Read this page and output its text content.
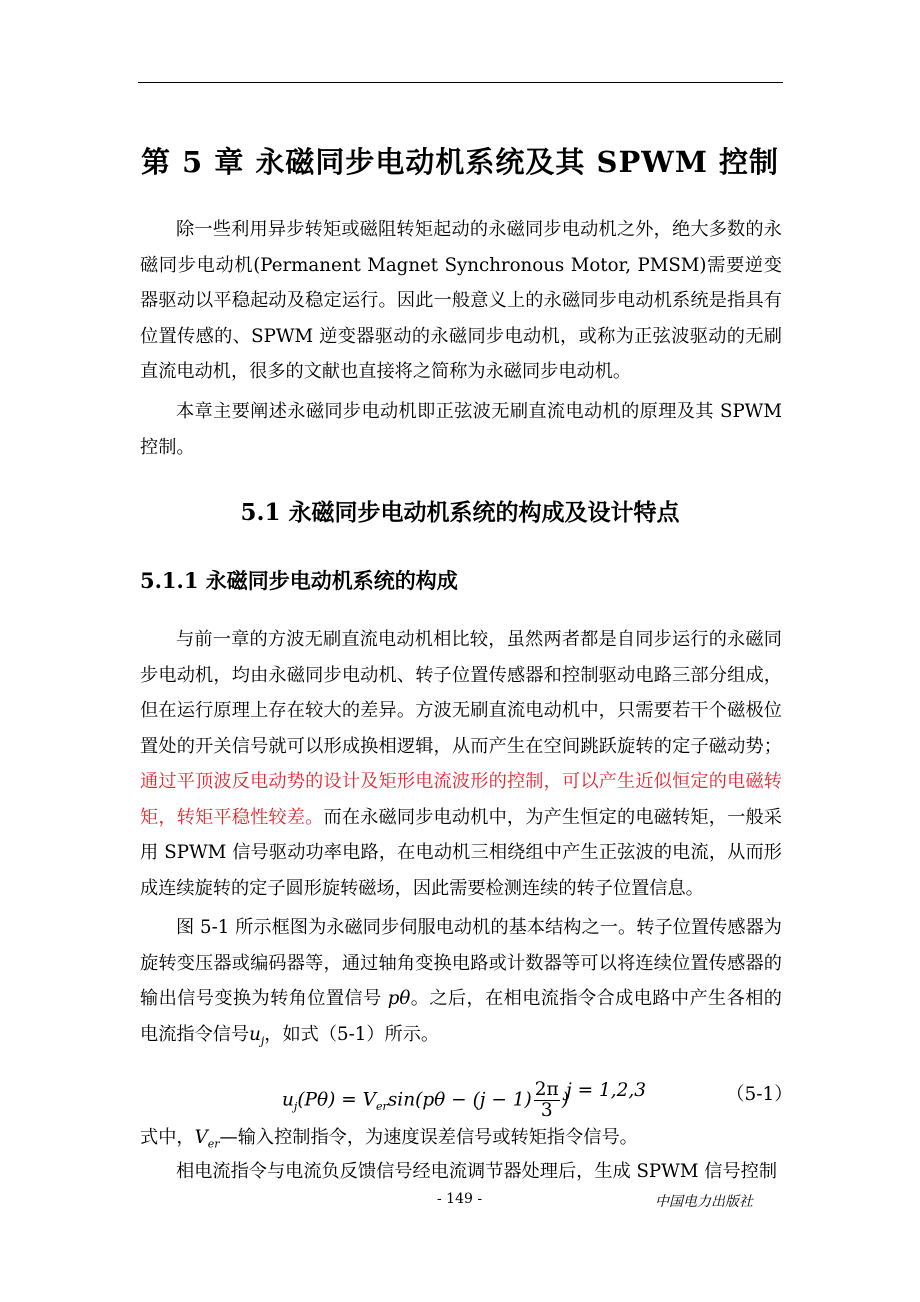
第 5 章 永磁同步电动机系统及其 SPWM 控制

除一些利用异步转矩或磁阻转矩起动的永磁同步电动机之外，绝大多数的永磁同步电动机(Permanent Magnet Synchronous Motor, PMSM)需要逆变器驱动以平稳起动及稳定运行。因此一般意义上的永磁同步电动机系统是指具有位置传感的、SPWM 逆变器驱动的永磁同步电动机，或称为正弦波驱动的无刷直流电动机，很多的文献也直接将之简称为永磁同步电动机。

本章主要阐述永磁同步电动机即正弦波无刷直流电动机的原理及其 SPWM 控制。

5.1 永磁同步电动机系统的构成及设计特点
5.1.1 永磁同步电动机系统的构成

与前一章的方波无刷直流电动机相比较，虽然两者都是自同步运行的永磁同步电动机，均由永磁同步电动机、转子位置传感器和控制驱动电路三部分组成，但在运行原理上存在较大的差异。方波无刷直流电动机中，只需要若干个磁极位置处的开关信号就可以形成换相逻辑，从而产生在空间跳跃旋转的定子磁动势；通过平顶波反电动势的设计及矩形电流波形的控制，可以产生近似恒定的电磁转矩，转矩平稳性较差。而在永磁同步电动机中，为产生恒定的电磁转矩，一般采用 SPWM 信号驱动功率电路，在电动机三相绕组中产生正弦波的电流，从而形成连续旋转的定子圆形旋转磁场，因此需要检测连续的转子位置信息。

图 5-1 所示框图为永磁同步伺服电动机的基本结构之一。转子位置传感器为旋转变压器或编码器等，通过轴角变换电路或计数器等可以将连续位置传感器的输出信号变换为转角位置信号 pθ。之后，在相电流指令合成电路中产生各相的电流指令信号$u_j$，如式（5-1）所示。

$u_j(P\theta) = V_{er}\sin(p\theta - (j - 1) \frac{2\pi}{3}$ )
j = 1,2,3	（5-1）

式中，$V_{er}—$输入控制指令，为速度误差信号或转矩指令信号。

相电流指令与电流负反馈信号经电流调节器处理后，生成 SPWM 信号控制

- 149 -	中国电力出版社
